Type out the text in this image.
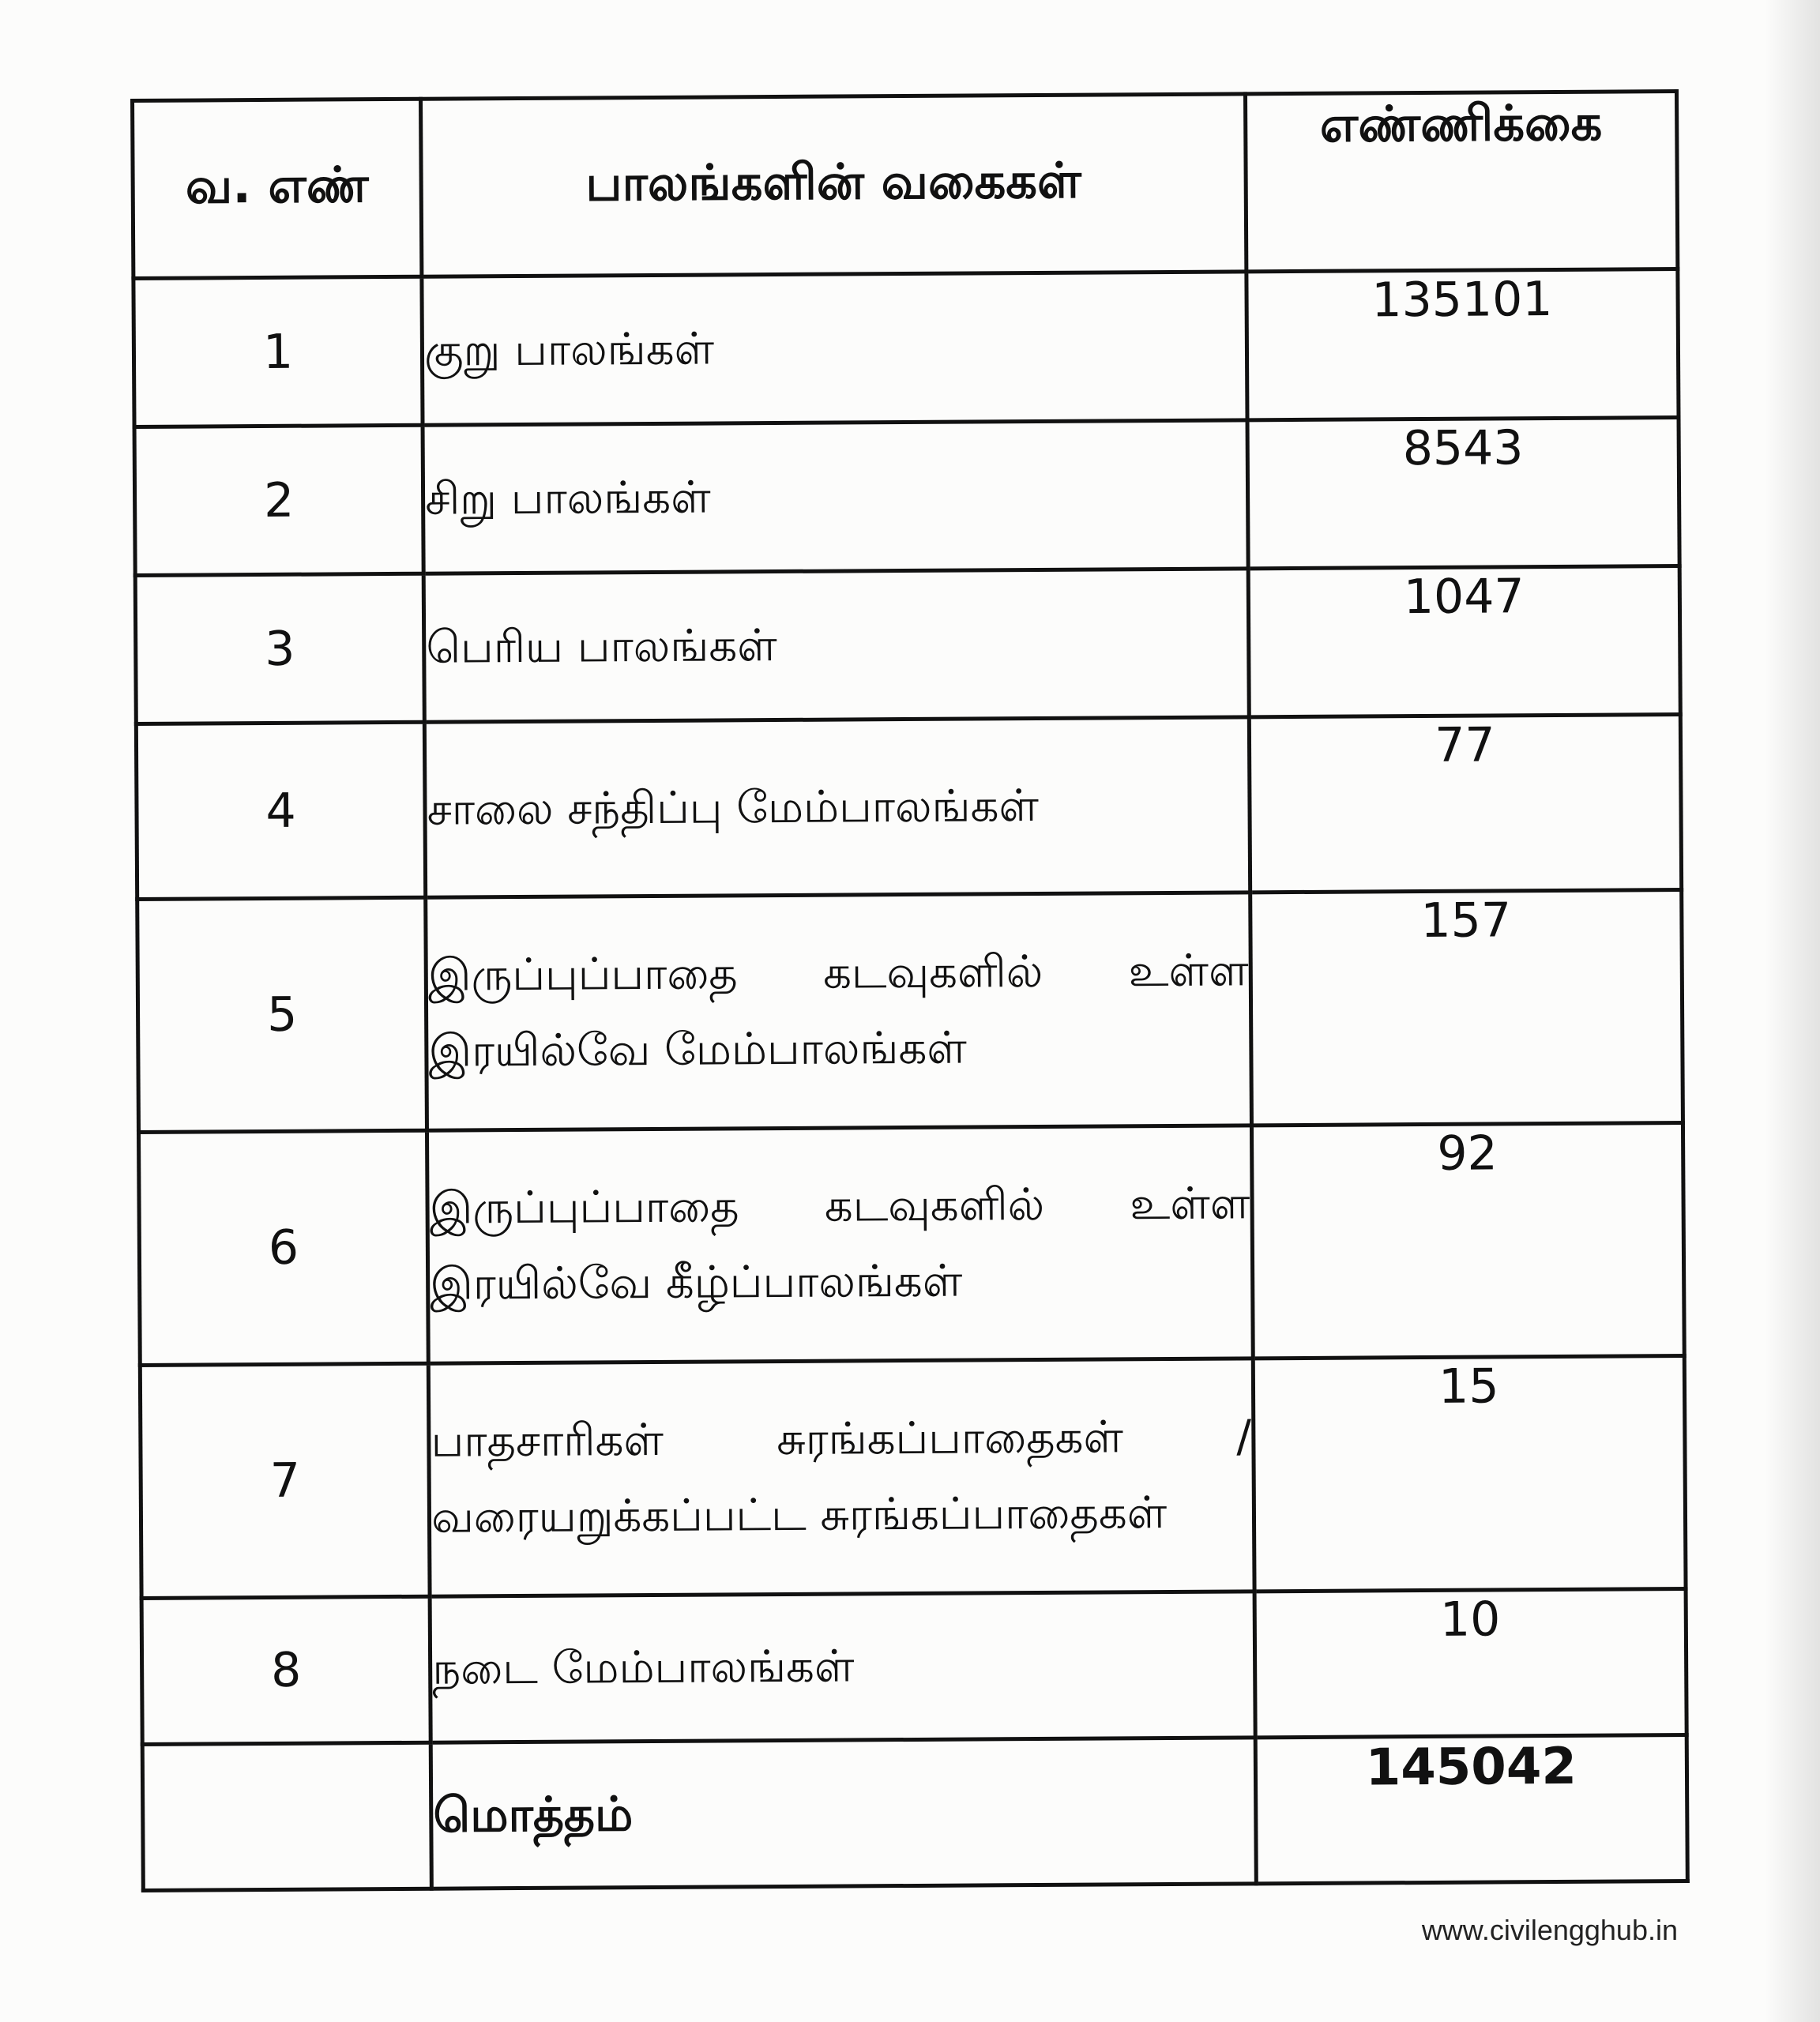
வ. எண்	பாலங்களின் வகைகள்	எண்ணிக்கை
1	குறு பாலங்கள்	135101
2	சிறு பாலங்கள்	8543
3	பெரிய பாலங்கள்	1047
4	சாலை சந்திப்பு மேம்பாலங்கள்	77
5	இருப்புப்பாதை கடவுகளில் உள்ள இரயில்வே மேம்பாலங்கள்	157
6	இருப்புப்பாதை கடவுகளில் உள்ள இரயில்வே கீழ்ப்பாலங்கள்	92
7	பாதசாரிகள் சுரங்கப்பாதைகள் / வரையறுக்கப்பட்ட சுரங்கப்பாதைகள்	15
8	நடை மேம்பாலங்கள்	10
	மொத்தம்	145042
www.civilengghub.in
